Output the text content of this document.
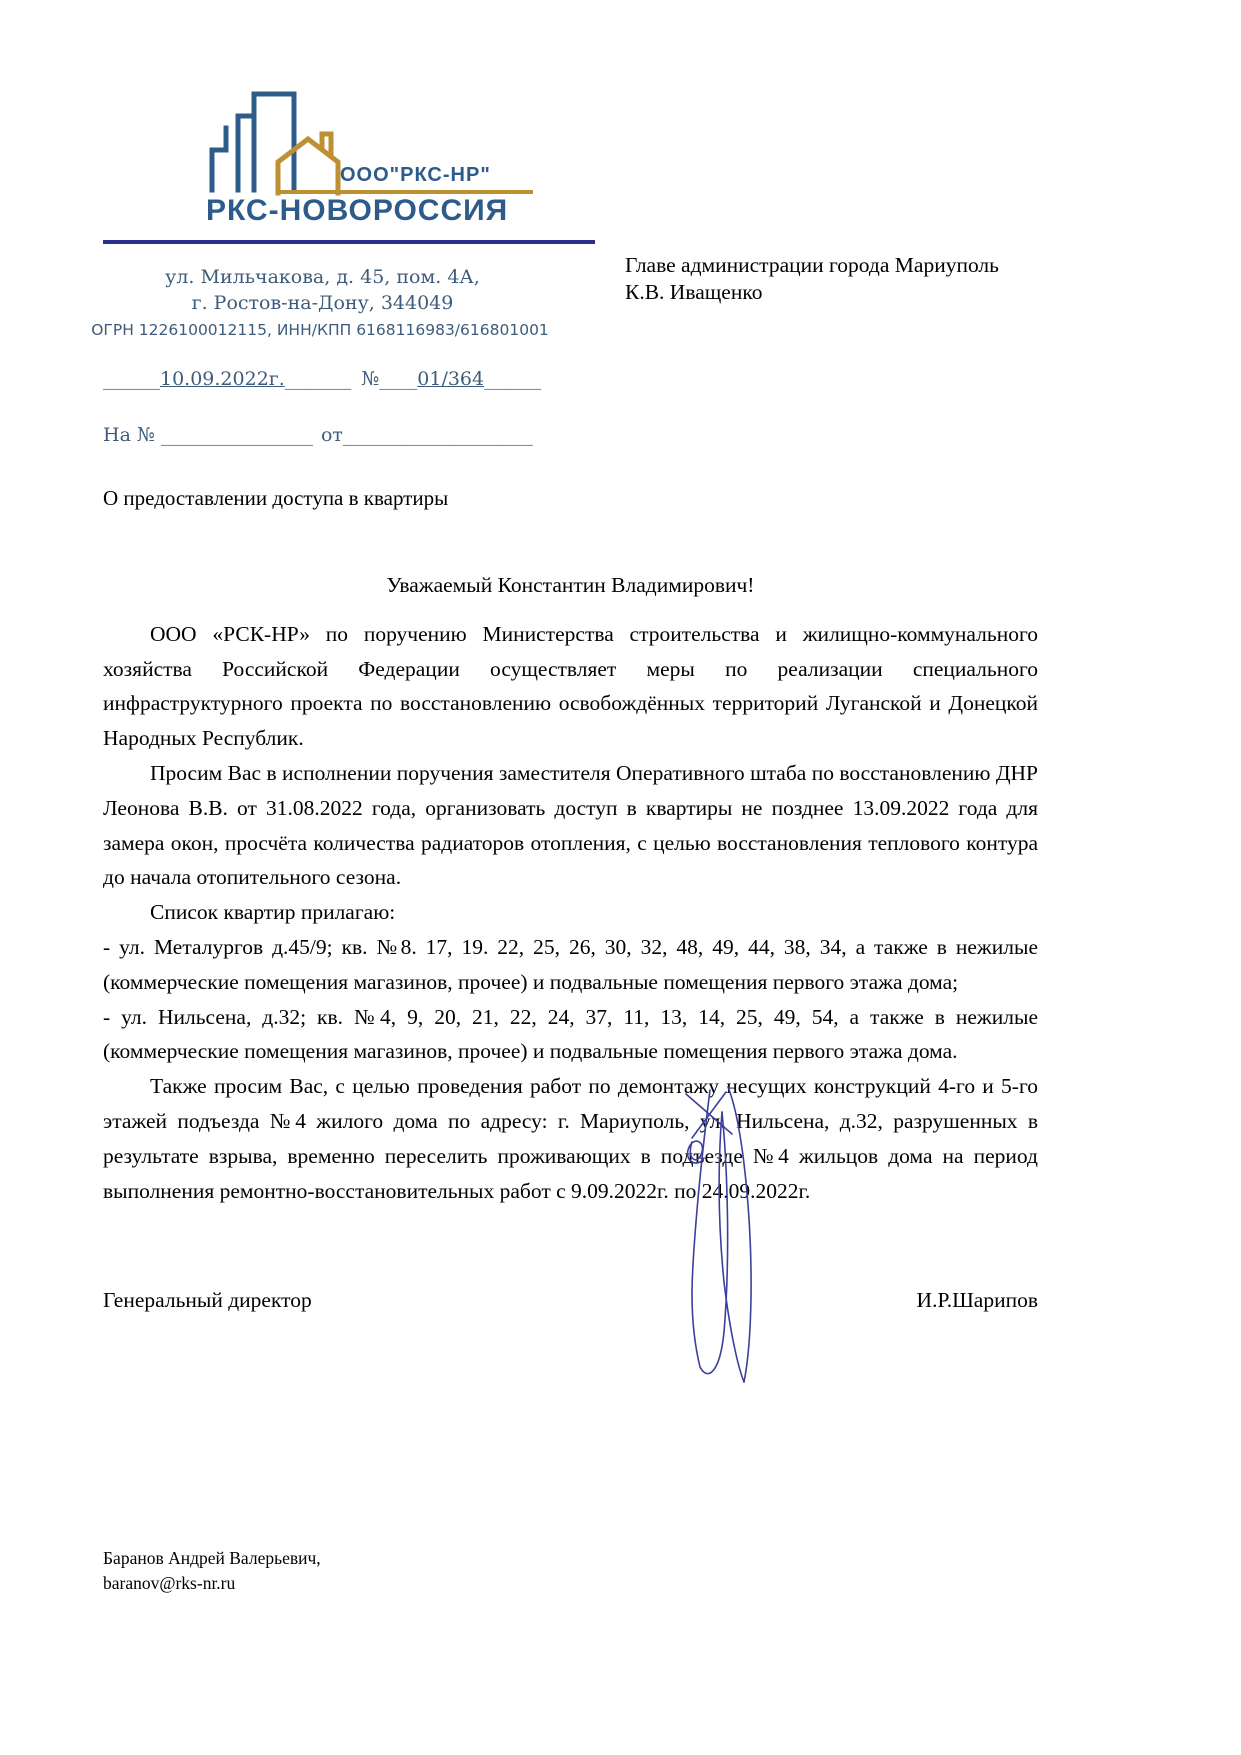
ООО"РКС-НР"
РКС-НОВОРОССИЯ
ул. Мильчакова, д. 45, пом. 4А,
г. Ростов-на-Дону, 344049
ОГРН 1226100012115, ИНН/КПП 6168116983/616801001
______10.09.2022г._______ №____01/364______
На № ________________ от____________________
Главе администрации города Мариуполь
К.В. Иващенко
О предоставлении доступа в квартиры
Уважаемый Константин Владимирович!

ООО «РСК-НР» по поручению Министерства строительства и жилищно-коммунального хозяйства Российской Федерации осуществляет меры по реализации специального инфраструктурного проекта по восстановлению освобождённых территорий Луганской и Донецкой Народных Республик.

Просим Вас в исполнении поручения заместителя Оперативного штаба по восстановлению ДНР Леонова В.В. от 31.08.2022 года, организовать доступ в квартиры не позднее 13.09.2022 года для замера окон, просчёта количества радиаторов отопления, с целью восстановления теплового контура до начала отопительного сезона.

Список квартир прилагаю:

- ул. Металургов д.45/9; кв. №8. 17, 19. 22, 25, 26, 30, 32, 48, 49, 44, 38, 34, а также в нежилые (коммерческие помещения магазинов, прочее) и подвальные помещения первого этажа дома;

- ул. Нильсена, д.32; кв. №4, 9, 20, 21, 22, 24, 37, 11, 13, 14, 25, 49, 54, а также в нежилые (коммерческие помещения магазинов, прочее) и подвальные помещения первого этажа дома.

Также просим Вас, с целью проведения работ по демонтажу несущих конструкций 4-го и 5-го этажей подъезда №4 жилого дома по адресу: г. Мариуполь, ул. Нильсена, д.32, разрушенных в результате взрыва, временно переселить проживающих в подъезде №4 жильцов дома на период выполнения ремонтно-восстановительных работ с 9.09.2022г. по 24.09.2022г.

Генеральный директор	И.Р.Шарипов
Баранов Андрей Валерьевич,
baranov@rks-nr.ru
